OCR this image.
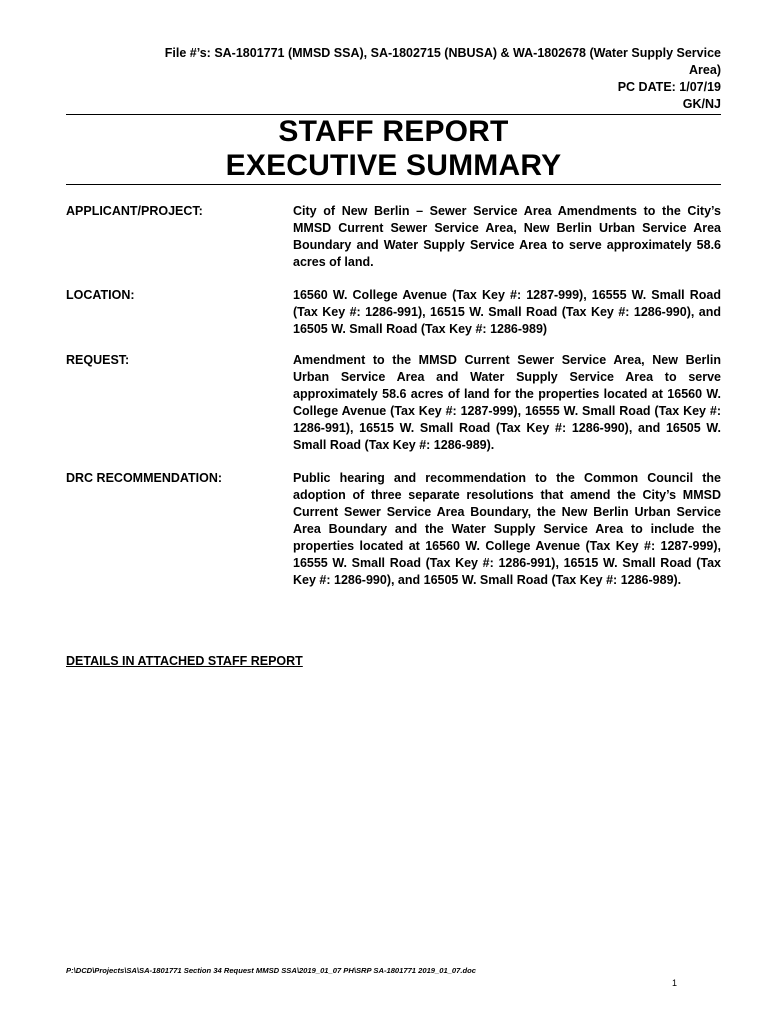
File #’s: SA-1801771 (MMSD SSA), SA-1802715 (NBUSA) & WA-1802678 (Water Supply Service
Area)
PC DATE: 1/07/19
GK/NJ
STAFF REPORT
EXECUTIVE SUMMARY
APPLICANT/PROJECT:	City of New Berlin – Sewer Service Area Amendments to the City’s MMSD Current Sewer Service Area, New Berlin Urban Service Area Boundary and Water Supply Service Area to serve approximately 58.6 acres of land.
LOCATION:	16560 W. College Avenue (Tax Key #: 1287-999), 16555 W. Small Road (Tax Key #: 1286-991), 16515 W. Small Road (Tax Key #: 1286-990), and 16505 W. Small Road (Tax Key #: 1286-989)
REQUEST:	Amendment to the MMSD Current Sewer Service Area, New Berlin Urban Service Area and Water Supply Service Area to serve approximately 58.6 acres of land for the properties located at 16560 W. College Avenue (Tax Key #: 1287-999), 16555 W. Small Road (Tax Key #: 1286-991), 16515 W. Small Road (Tax Key #: 1286-990), and 16505 W. Small Road (Tax Key #: 1286-989).
DRC RECOMMENDATION:	Public hearing and recommendation to the Common Council the adoption of three separate resolutions that amend the City’s MMSD Current Sewer Service Area Boundary, the New Berlin Urban Service Area Boundary and the Water Supply Service Area to include the properties located at 16560 W. College Avenue (Tax Key #: 1287-999), 16555 W. Small Road (Tax Key #: 1286-991), 16515 W. Small Road (Tax Key #: 1286-990), and 16505 W. Small Road (Tax Key #: 1286-989).
DETAILS IN ATTACHED STAFF REPORT
P:\DCD\Projects\SA\SA-1801771 Section 34 Request MMSD SSA\2019_01_07 PH\SRP SA-1801771 2019_01_07.doc
1
